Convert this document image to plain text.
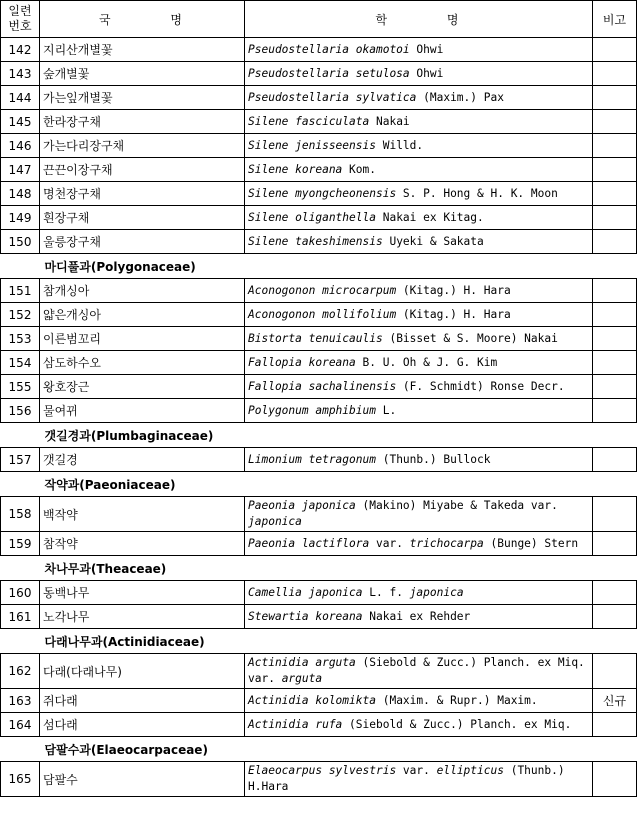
일련
번호	국 명	학 명	비고
142	지리산개별꽃	Pseudostellaria okamotoi Ohwi	
143	숲개별꽃	Pseudostellaria setulosa Ohwi	
144	가는잎개별꽃	Pseudostellaria sylvatica (Maxim.) Pax	
145	한라장구채	Silene fasciculata Nakai	
146	가는다리장구채	Silene jenisseensis Willd.	
147	끈끈이장구채	Silene koreana Kom.	
148	명천장구채	Silene myongcheonensis S. P. Hong & H. K. Moon	
149	흰장구채	Silene oliganthella Nakai ex Kitag.	
150	울릉장구채	Silene takeshimensis Uyeki & Sakata	
마디풀과(Polygonaceae)			
151	참개싱아	Aconogonon microcarpum (Kitag.) H. Hara	
152	얇은개싱아	Aconogonon mollifolium (Kitag.) H. Hara	
153	이른범꼬리	Bistorta tenuicaulis (Bisset & S. Moore) Nakai	
154	삼도하수오	Fallopia koreana B. U. Oh & J. G. Kim	
155	왕호장근	Fallopia sachalinensis (F. Schmidt) Ronse Decr.	
156	물여뀌	Polygonum amphibium L.	
갯길경과(Plumbaginaceae)			
157	갯길경	Limonium tetragonum (Thunb.) Bullock	
작약과(Paeoniaceae)			
158	백작약	Paeonia japonica (Makino) Miyabe & Takeda var. japonica	
159	참작약	Paeonia lactiflora var. trichocarpa (Bunge) Stern	
차나무과(Theaceae)			
160	동백나무	Camellia japonica L. f. japonica	
161	노각나무	Stewartia koreana Nakai ex Rehder	
다래나무과(Actinidiaceae)			
162	다래(다래나무)	Actinidia arguta (Siebold & Zucc.) Planch. ex Miq. var. arguta	
163	쥐다래	Actinidia kolomikta (Maxim. & Rupr.) Maxim.	신규
164	섬다래	Actinidia rufa (Siebold & Zucc.) Planch. ex Miq.	
담팔수과(Elaeocarpaceae)			
165	담팔수	Elaeocarpus sylvestris var. ellipticus (Thunb.) H.Hara	
